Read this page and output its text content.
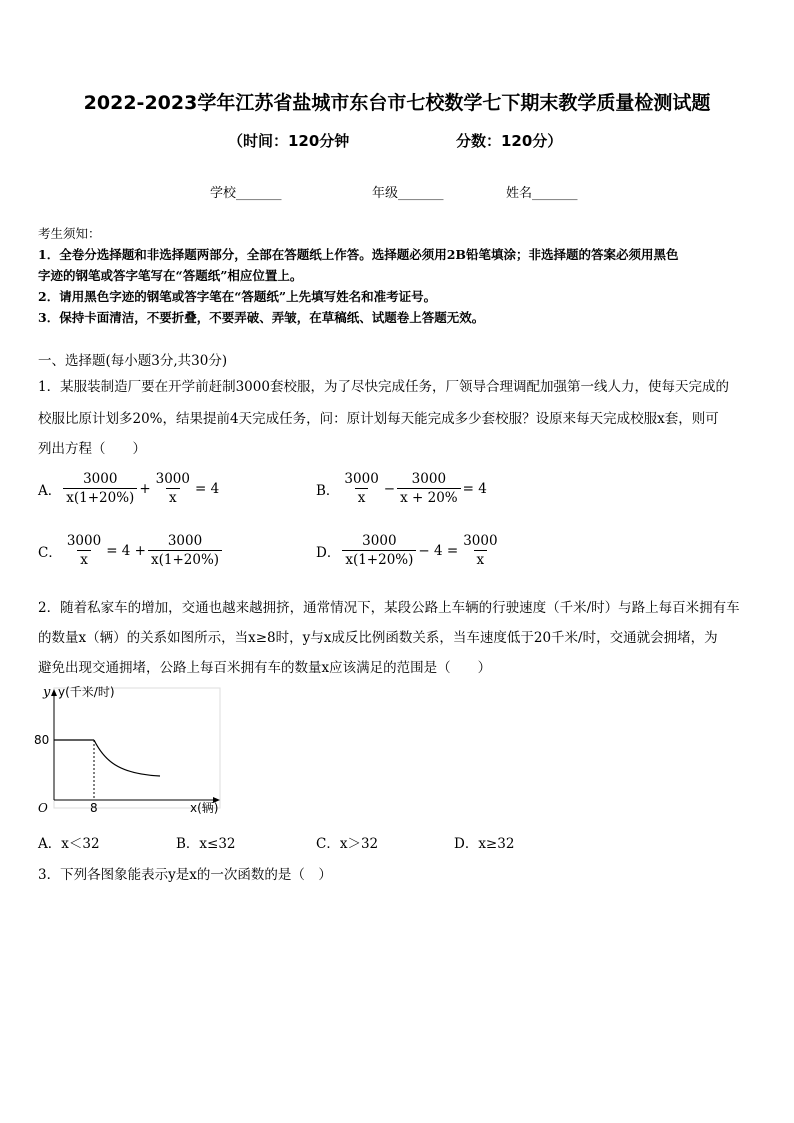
2022-2023学年江苏省盐城市东台市七校数学七下期末教学质量检测试题
（时间：120分钟	分数：120分）
学校_______	年级_______	姓名_______
考生须知：
1．全卷分选择题和非选择题两部分，全部在答题纸上作答。选择题必须用2B铅笔填涂；非选择题的答案必须用黑色
字迹的钢笔或答字笔写在“答题纸”相应位置上。
2．请用黑色字迹的钢笔或答字笔在“答题纸”上先填写姓名和准考证号。
3．保持卡面清洁，不要折叠，不要弄破、弄皱，在草稿纸、试题卷上答题无效。
一、选择题(每小题3分,共30分)
1．某服装制造厂要在开学前赶制3000套校服，为了尽快完成任务，厂领导合理调配加强第一线人力，使每天完成的
校服比原计划多20%，结果提前4天完成任务，问：原计划每天能完成多少套校服？设原来每天完成校服x套，则可
列出方程（　　）
A． $\frac{3000}{x(1+20\%)} + \frac{3000}{x} = 4$	B． $\frac{3000}{x} - \frac{3000}{x + 20\%} = 4$
C． $\frac{3000}{x} = 4 + \frac{3000}{x(1+20\%)}$	D． $\frac{3000}{x(1+20\%)} - 4 = \frac{3000}{x}$
2．随着私家车的增加，交通也越来越拥挤，通常情况下，某段公路上车辆的行驶速度（千米/时）与路上每百米拥有车
的数量x（辆）的关系如图所示，当x≥8时，y与x成反比例函数关系，当车速度低于20千米/时，交通就会拥堵，为
避免出现交通拥堵，公路上每百米拥有车的数量x应该满足的范围是（　　）
y y(千米/时)
80
O	8	x(辆)
A．x＜32	B．x≤32	C．x＞32	D．x≥32
3．下列各图象能表示y是x的一次函数的是（　）
